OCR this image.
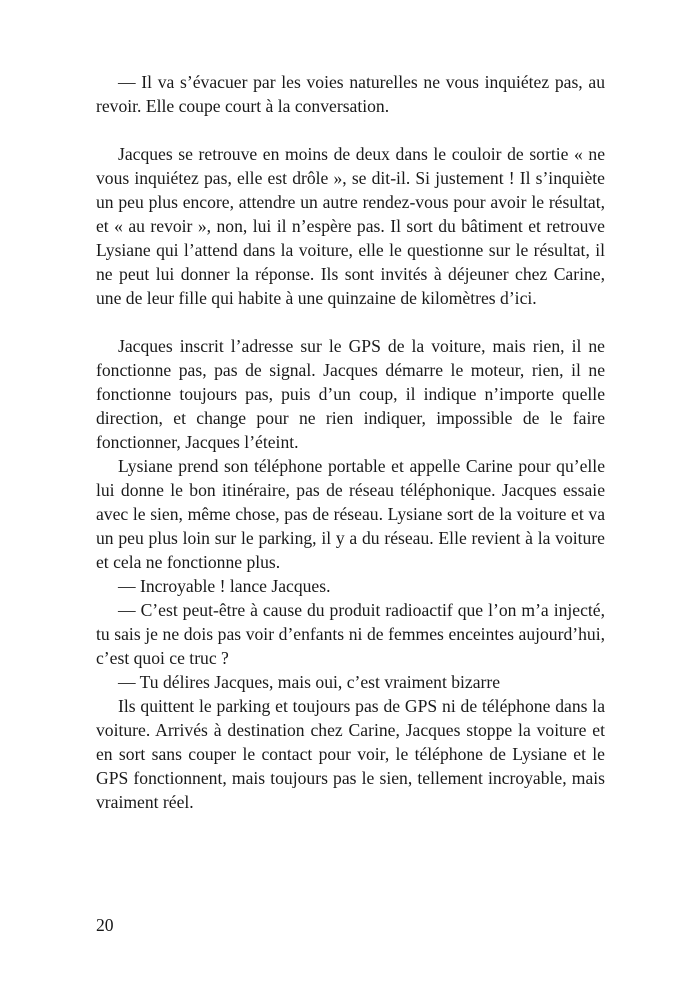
— Il va s’évacuer par les voies naturelles ne vous inquiétez pas, au revoir. Elle coupe court à la conversation.

Jacques se retrouve en moins de deux dans le couloir de sortie « ne vous inquiétez pas, elle est drôle », se dit-il. Si justement ! Il s’inquiète un peu plus encore, attendre un autre rendez-vous pour avoir le résultat, et « au revoir », non, lui il n’espère pas. Il sort du bâtiment et retrouve Lysiane qui l’attend dans la voiture, elle le questionne sur le résultat, il ne peut lui donner la réponse. Ils sont invités à déjeuner chez Carine, une de leur fille qui habite à une quinzaine de kilomètres d’ici.

Jacques inscrit l’adresse sur le GPS de la voiture, mais rien, il ne fonctionne pas, pas de signal. Jacques démarre le moteur, rien, il ne fonctionne toujours pas, puis d’un coup, il indique n’importe quelle direction, et change pour ne rien indiquer, impossible de le faire fonctionner, Jacques l’éteint.

Lysiane prend son téléphone portable et appelle Carine pour qu’elle lui donne le bon itinéraire, pas de réseau téléphonique. Jacques essaie avec le sien, même chose, pas de réseau. Lysiane sort de la voiture et va un peu plus loin sur le parking, il y a du réseau. Elle revient à la voiture et cela ne fonctionne plus.

— Incroyable ! lance Jacques.

— C’est peut-être à cause du produit radioactif que l’on m’a injecté, tu sais je ne dois pas voir d’enfants ni de femmes enceintes aujourd’hui, c’est quoi ce truc ?

— Tu délires Jacques, mais oui, c’est vraiment bizarre

Ils quittent le parking et toujours pas de GPS ni de téléphone dans la voiture. Arrivés à destination chez Carine, Jacques stoppe la voiture et en sort sans couper le contact pour voir, le téléphone de Lysiane et le GPS fonctionnent, mais toujours pas le sien, tellement incroyable, mais vraiment réel.

20
